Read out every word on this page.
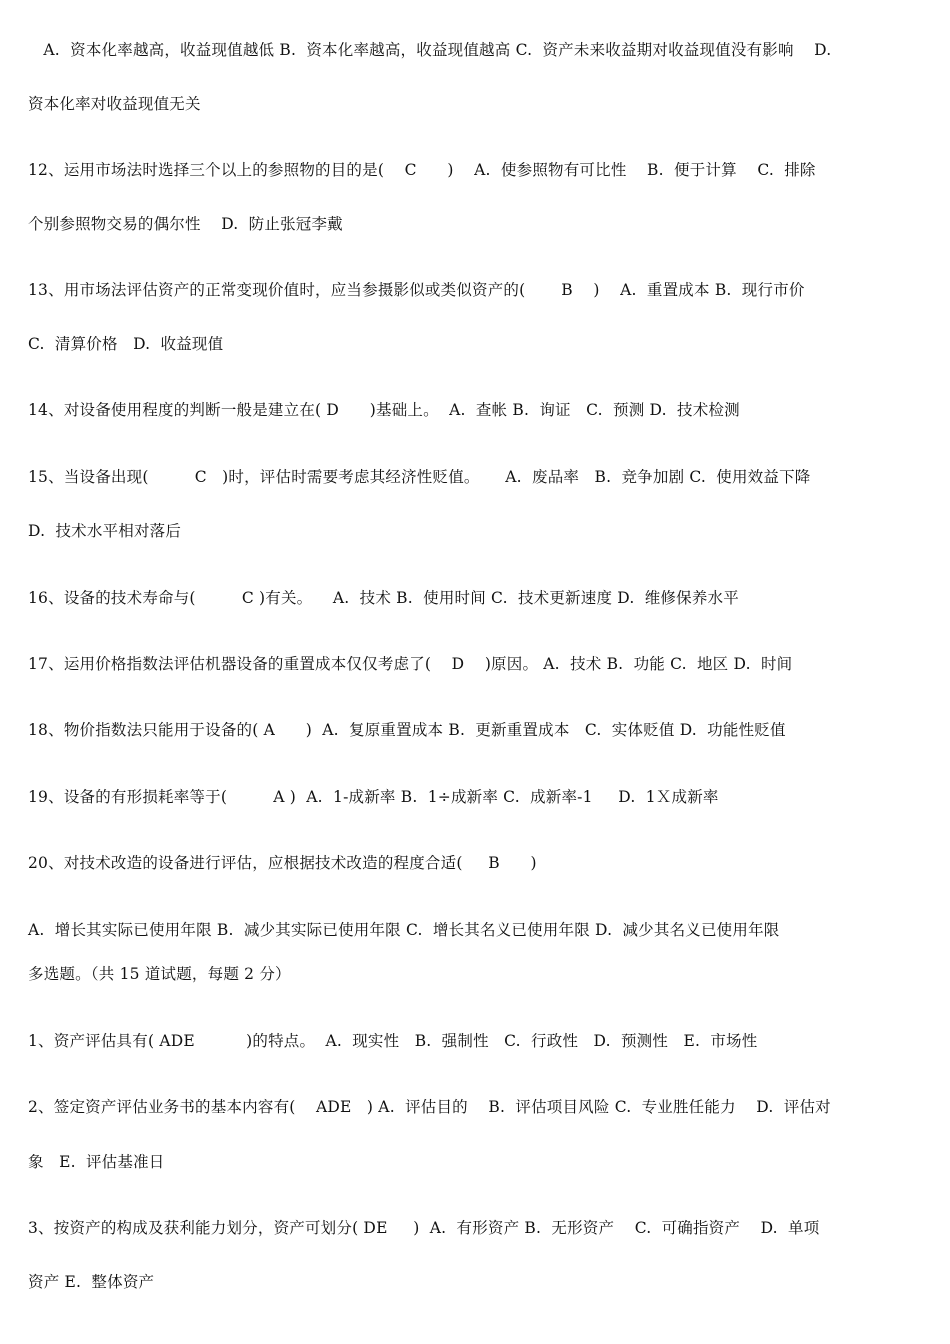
A.  资本化率越高，收益现值越低 B.  资本化率越高，收益现值越高 C.  资产未来收益期对收益现值没有影响    D.
资本化率对收益现值无关
12、运用市场法时选择三个以上的参照物的目的是(    C      )    A.  使参照物有可比性    B.  便于计算    C.  排除
个别参照物交易的偶尔性    D.  防止张冠李戴
13、用市场法评估资产的正常变现价值时，应当参摄影似或类似资产的(       B    )    A.  重置成本 B.  现行市价
C.  清算价格   D.  收益现值
14、对设备使用程度的判断一般是建立在( D      )基础上。  A.  查帐 B.  询证   C.  预测 D.  技术检测
15、当设备出现(         C   )时，评估时需要考虑其经济性贬值。     A.  废品率   B.  竞争加剧 C.  使用效益下降
D.  技术水平相对落后
16、设备的技术寿命与(         C )有关。    A.  技术 B.  使用时间 C.  技术更新速度 D.  维修保养水平
17、运用价格指数法评估机器设备的重置成本仅仅考虑了(    D    )原因。 A.  技术 B.  功能 C.  地区 D.  时间
18、物价指数法只能用于设备的( A      )  A.  复原重置成本 B.  更新重置成本   C.  实体贬值 D.  功能性贬值
19、设备的有形损耗率等于(         A )  A.  1-成新率 B.  1÷成新率 C.  成新率-1     D.  1Ｘ成新率
20、对技术改造的设备进行评估，应根据技术改造的程度合适(     B      )
A.  增长其实际已使用年限 B.  减少其实际已使用年限 C.  增长其名义已使用年限 D.  减少其名义已使用年限
多选题。（共 15 道试题，每题 2 分）
1、资产评估具有( ADE          )的特点。  A.  现实性   B.  强制性   C.  行政性   D.  预测性   E.  市场性
2、签定资产评估业务书的基本内容有(    ADE   ) A.  评估目的    B.  评估项目风险 C.  专业胜任能力    D.  评估对
象   E.  评估基准日
3、按资产的构成及获利能力划分，资产可划分( DE     )  A.  有形资产 B.  无形资产    C.  可确指资产    D.  单项
资产 E.  整体资产
